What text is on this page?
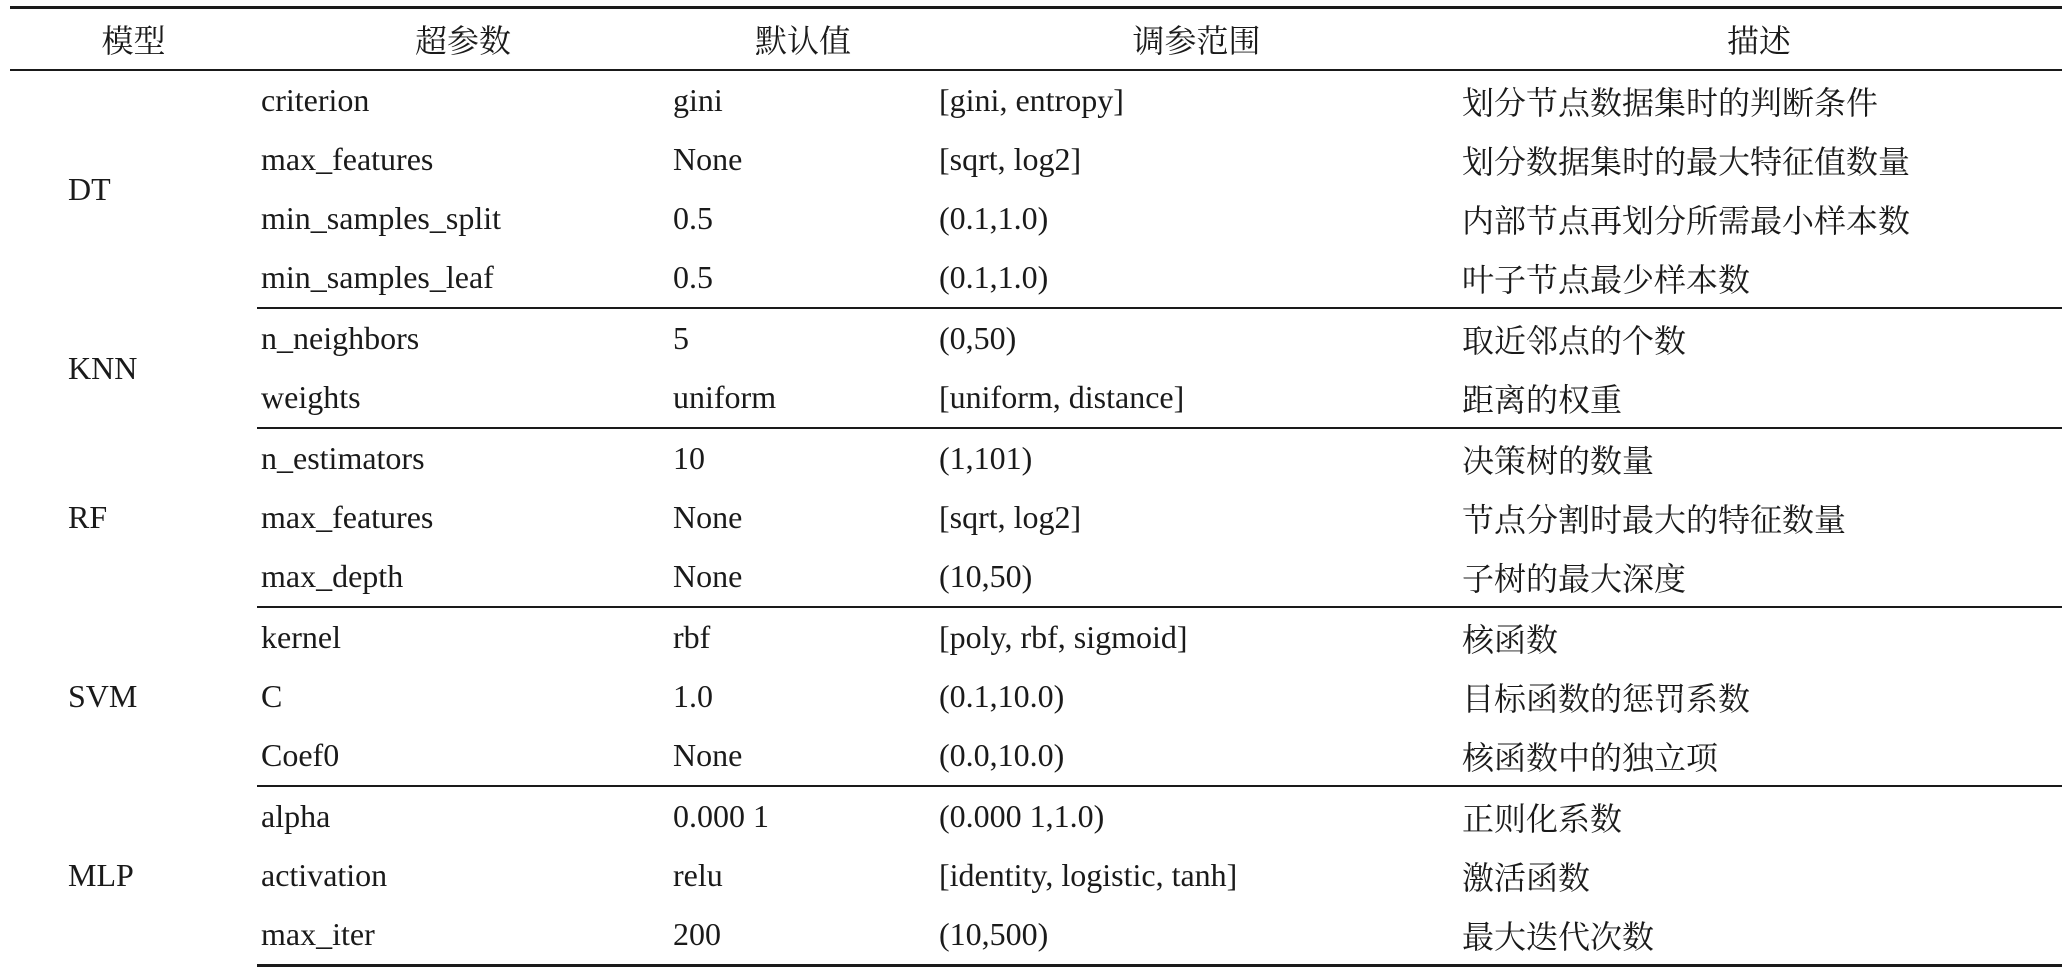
模型	超参数	默认值	调参范围	描述
DT	criterion	gini	[gini, entropy]	划分节点数据集时的判断条件
	max_features	None	[sqrt, log2]	划分数据集时的最大特征值数量
	min_samples_split	0.5	(0.1,1.0)	内部节点再划分所需最小样本数
	min_samples_leaf	0.5	(0.1,1.0)	叶子节点最少样本数
KNN	n_neighbors	5	(0,50)	取近邻点的个数
	weights	uniform	[uniform, distance]	距离的权重
RF	n_estimators	10	(1,101)	决策树的数量
	max_features	None	[sqrt, log2]	节点分割时最大的特征数量
	max_depth	None	(10,50)	子树的最大深度
SVM	kernel	rbf	[poly, rbf, sigmoid]	核函数
	C	1.0	(0.1,10.0)	目标函数的惩罚系数
	Coef0	None	(0.0,10.0)	核函数中的独立项
MLP	alpha	0.000 1	(0.000 1,1.0)	正则化系数
	activation	relu	[identity, logistic, tanh]	激活函数
	max_iter	200	(10,500)	最大迭代次数
